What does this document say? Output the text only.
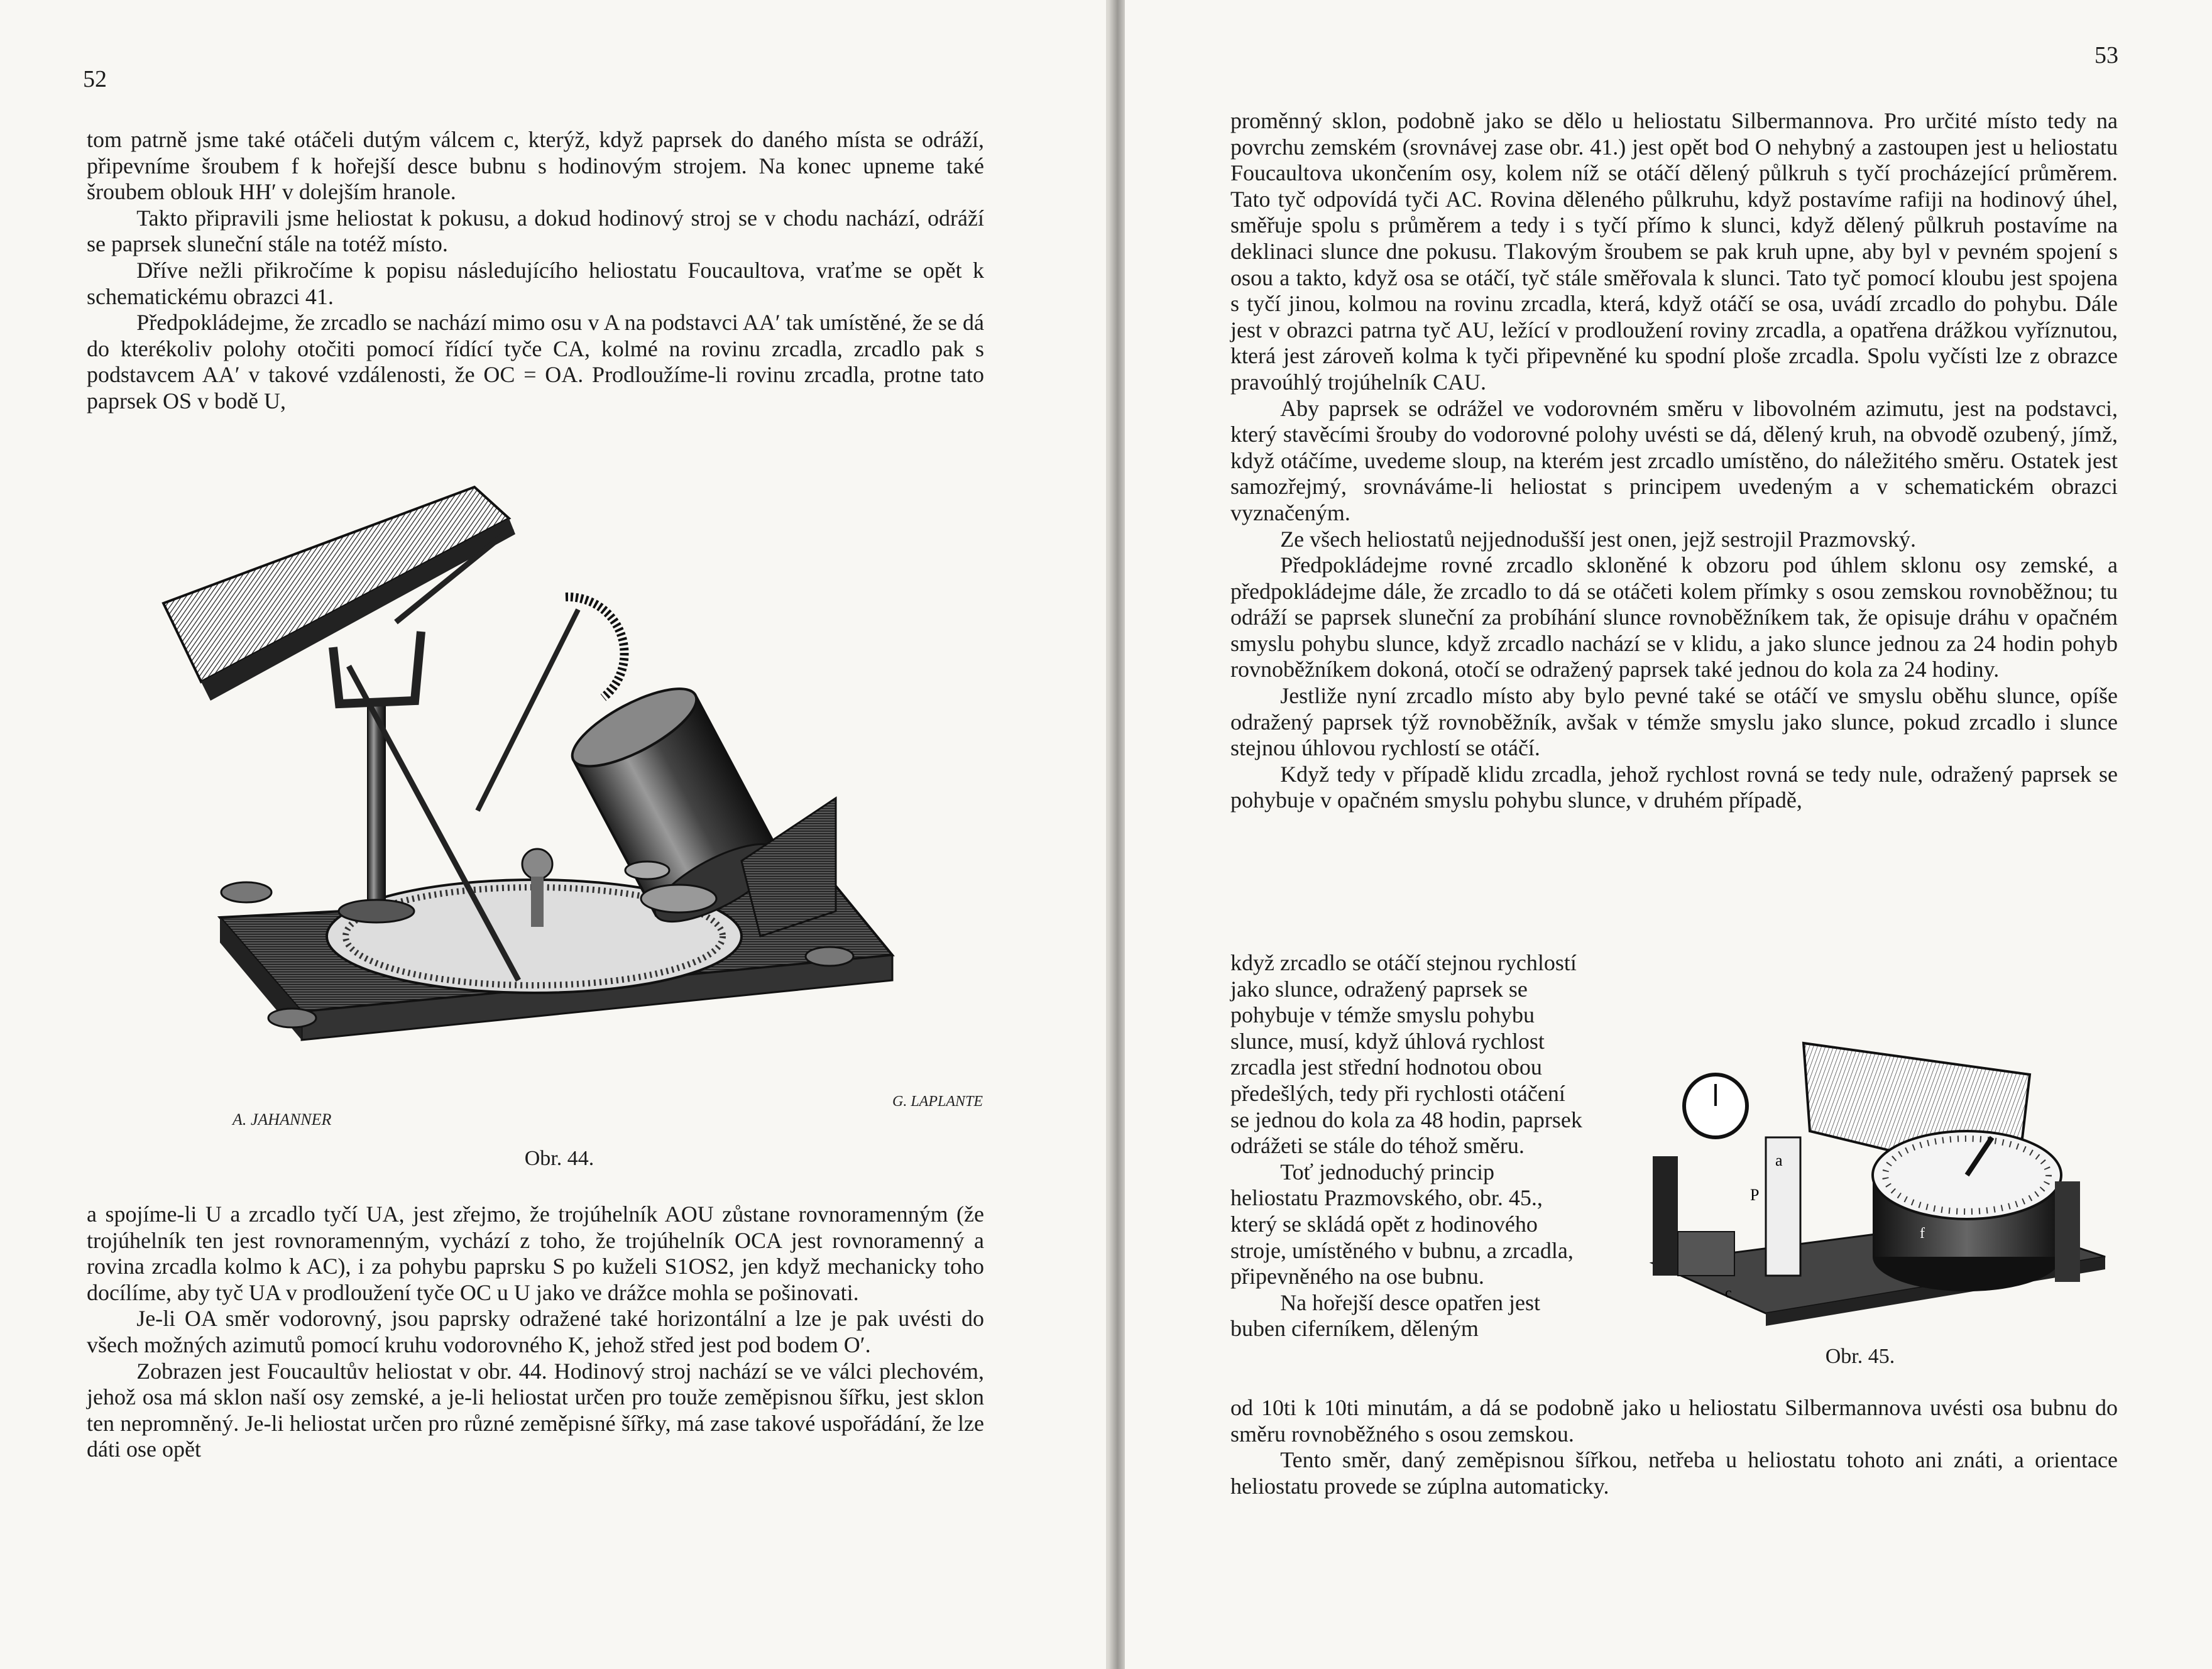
52

tom patrně jsme také otáčeli dutým válcem c, kterýž, když paprsek do daného místa se odráží, připevníme šroubem f k hořejší desce bubnu s hodinovým strojem. Na konec upneme také šroubem oblouk HH′ v dolejším hranole.

Takto připravili jsme heliostat k pokusu, a dokud hodinový stroj se v chodu nachází, odráží se paprsek sluneční stále na totéž místo.

Dříve nežli přikročíme k popisu následujícího heliostatu Foucaultova, vraťme se opět k schematickému obrazci 41.

Předpokládejme, že zrcadlo se nachází mimo osu v A na podstavci AA′ tak umístěné, že se dá do kterékoliv polohy otočiti pomocí řídící tyče CA, kolmé na rovinu zrcadla, zrcadlo pak s podstavcem AA′ v takové vzdálenosti, že OC = OA. Prodloužíme-li rovinu zrcadla, protne tato paprsek OS v bodě U,

A. JAHANNER
G. LAPLANTE
Obr. 44.

a spojíme-li U a zrcadlo tyčí UA, jest zřejmo, že trojúhelník AOU zůstane rovnoramenným (že trojúhelník ten jest rovnoramenným, vychází z toho, že trojúhelník OCA jest rovnoramenný a rovina zrcadla kolmo k AC), i za pohybu paprsku S po kuželi S1OS2, jen když mechanicky toho docílíme, aby tyč UA v prodloužení tyče OC u U jako ve drážce mohla se pošinovati.

Je-li OA směr vodorovný, jsou paprsky odražené také horizontální a lze je pak uvésti do všech možných azimutů pomocí kruhu vodorovného K, jehož střed jest pod bodem O′.

Zobrazen jest Foucaultův heliostat v obr. 44. Hodinový stroj nachází se ve válci plechovém, jehož osa má sklon naší osy zemské, a je-li heliostat určen pro touže zeměpisnou šířku, jest sklon ten nepromněný. Je-li heliostat určen pro různé zeměpisné šířky, má zase takové uspořádání, že lze dáti ose opět

53

proměnný sklon, podobně jako se dělo u heliostatu Silbermannova. Pro určité místo tedy na povrchu zemském (srovnávej zase obr. 41.) jest opět bod O nehybný a zastoupen jest u heliostatu Foucaultova ukončením osy, kolem níž se otáčí dělený půlkruh s tyčí procházející průměrem. Tato tyč odpovídá tyči AC. Rovina děleného půlkruhu, když postavíme rafiji na hodinový úhel, směřuje spolu s průměrem a tedy i s tyčí přímo k slunci, když dělený půlkruh postavíme na deklinaci slunce dne pokusu. Tlakovým šroubem se pak kruh upne, aby byl v pevném spojení s osou a takto, když osa se otáčí, tyč stále směřovala k slunci. Tato tyč pomocí kloubu jest spojena s tyčí jinou, kolmou na rovinu zrcadla, která, když otáčí se osa, uvádí zrcadlo do pohybu. Dále jest v obrazci patrna tyč AU, ležící v prodloužení roviny zrcadla, a opatřena drážkou vyříznutou, která jest zároveň kolma k tyči připevněné ku spodní ploše zrcadla. Spolu vyčísti lze z obrazce pravoúhlý trojúhelník CAU.

Aby paprsek se odrážel ve vodorovném směru v libovolném azimutu, jest na podstavci, který stavěcími šrouby do vodorovné polohy uvésti se dá, dělený kruh, na obvodě ozubený, jímž, když otáčíme, uvedeme sloup, na kterém jest zrcadlo umístěno, do náležitého směru. Ostatek jest samozřejmý, srovnáváme-li heliostat s principem uvedeným a v schematickém obrazci vyznačeným.

Ze všech heliostatů nejjednodušší jest onen, jejž sestrojil Prazmovský.

Předpokládejme rovné zrcadlo skloněné k obzoru pod úhlem sklonu osy zemské, a předpokládejme dále, že zrcadlo to dá se otáčeti kolem přímky s osou zemskou rovnoběžnou; tu odráží se paprsek sluneční za probíhání slunce rovnoběžníkem tak, že opisuje dráhu v opačném smyslu pohybu slunce, když zrcadlo nachází se v klidu, a jako slunce jednou za 24 hodin pohyb rovnoběžníkem dokoná, otočí se odražený paprsek také jednou do kola za 24 hodiny.

Jestliže nyní zrcadlo místo aby bylo pevné také se otáčí ve smyslu oběhu slunce, opíše odražený paprsek týž rovnoběžník, avšak v témže smyslu jako slunce, pokud zrcadlo i slunce stejnou úhlovou rychlostí se otáčí.

Když tedy v případě klidu zrcadla, jehož rychlost rovná se tedy nule, odražený paprsek se pohybuje v opačném smyslu pohybu slunce, v druhém případě,

když zrcadlo se otáčí stejnou rychlostí jako slunce, odražený paprsek se pohybuje v témže smyslu pohybu slunce, musí, když úhlová rychlost zrcadla jest střední hodnotou obou předešlých, tedy při rychlosti otáčení se jednou do kola za 48 hodin, paprsek odrážeti se stále do téhož směru.

Toť jednoduchý princip heliostatu Prazmovského, obr. 45., který se skládá opět z hodinového stroje, umístěného v bubnu, a zrcadla, připevněného na ose bubnu.

Na hořejší desce opatřen jest buben ciferníkem, děleným

P
a
c
f
Obr. 45.

od 10ti k 10ti minutám, a dá se podobně jako u heliostatu Silbermannova uvésti osa bubnu do směru rovnoběžného s osou zemskou.

Tento směr, daný zeměpisnou šířkou, netřeba u heliostatu tohoto ani znáti, a orientace heliostatu provede se zúplna automaticky.
